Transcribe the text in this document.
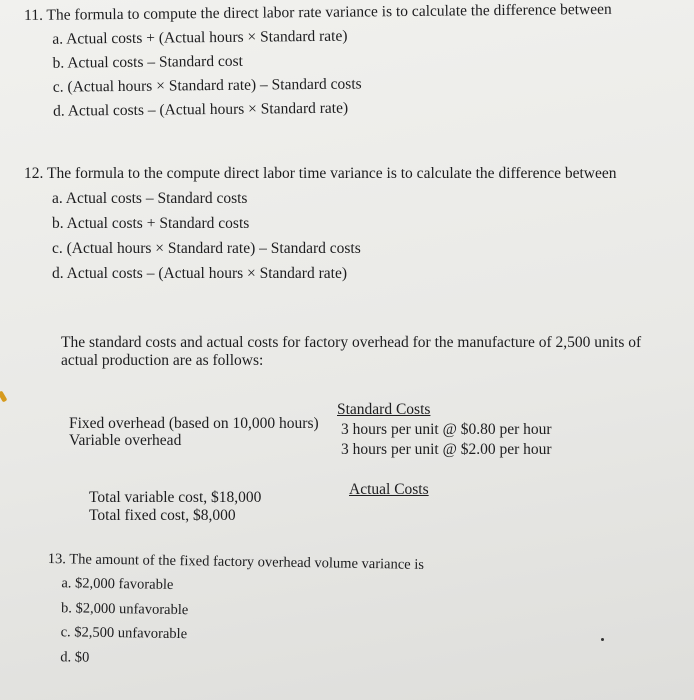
11. The formula to compute the direct labor rate variance is to calculate the difference between
a. Actual costs + (Actual hours × Standard rate)
b. Actual costs – Standard cost
c. (Actual hours × Standard rate) – Standard costs
d. Actual costs – (Actual hours × Standard rate)
12. The formula to the compute direct labor time variance is to calculate the difference between
a. Actual costs – Standard costs
b. Actual costs + Standard costs
c. (Actual hours × Standard rate) – Standard costs
d. Actual costs – (Actual hours × Standard rate)
The standard costs and actual costs for factory overhead for the manufacture of 2,500 units of actual production are as follows:
Standard Costs
Fixed overhead (based on 10,000 hours)
Variable overhead
3 hours per unit @ $0.80 per hour
3 hours per unit @ $2.00 per hour
Actual Costs
Total variable cost, $18,000
Total fixed cost, $8,000
13. The amount of the fixed factory overhead volume variance is
a. $2,000 favorable
b. $2,000 unfavorable
c. $2,500 unfavorable
d. $0
